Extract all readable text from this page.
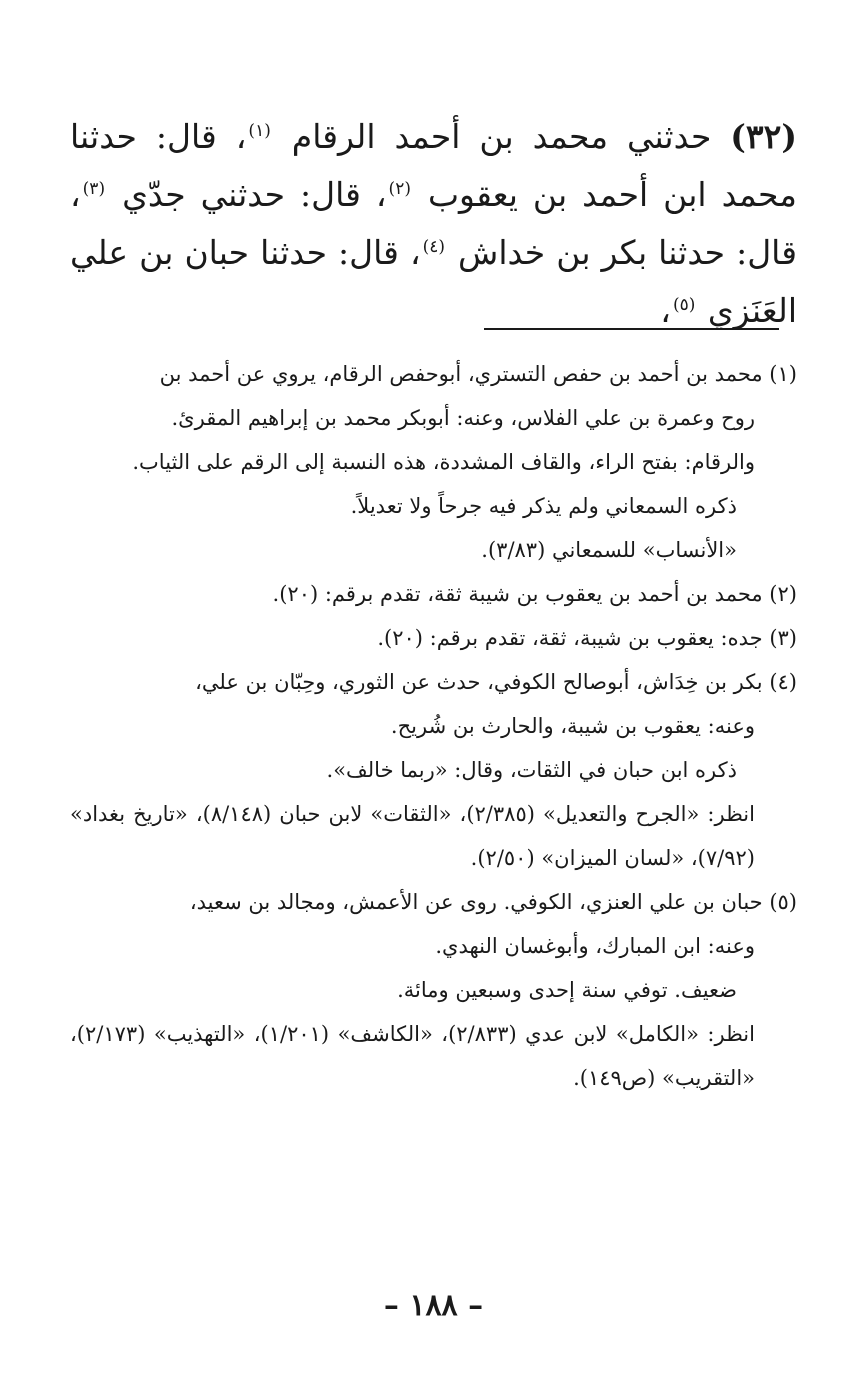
(٣٢) حدثني محمد بن أحمد الرقام $^{(١)}$، قال: حدثنا محمد ابن أحمد بن يعقوب $^{(٢)}$، قال: حدثني جدّي $^{(٣)}$، قال: حدثنا بكر بن خداش $^{(٤)}$، قال: حدثنا حبان بن علي العَنَزي $^{(٥)}$،

(١) محمد بن أحمد بن حفص التستري، أبوحفص الرقام، يروي عن أحمد بن

روح وعمرة بن علي الفلاس، وعنه: أبوبكر محمد بن إبراهيم المقرئ.

والرقام: بفتح الراء، والقاف المشددة، هذه النسبة إلى الرقم على الثياب.

ذكره السمعاني ولم يذكر فيه جرحاً ولا تعديلاً.

«الأنساب» للسمعاني (٣/٨٣).

(٢) محمد بن أحمد بن يعقوب بن شيبة ثقة، تقدم برقم: (٢٠).

(٣) جده: يعقوب بن شيبة، ثقة، تقدم برقم: (٢٠).

(٤) بكر بن خِدَاش، أبوصالح الكوفي، حدث عن الثوري، وحِبّان بن علي،

وعنه: يعقوب بن شيبة، والحارث بن شُريح.

ذكره ابن حبان في الثقات، وقال: «ربما خالف».

انظر: «الجرح والتعديل» (٢/٣٨٥)، «الثقات» لابن حبان (٨/١٤٨)، «تاريخ بغداد» (٧/٩٢)، «لسان الميزان» (٢/٥٠).

(٥) حبان بن علي العنزي، الكوفي. روى عن الأعمش، ومجالد بن سعيد،

وعنه: ابن المبارك، وأبوغسان النهدي.

ضعيف. توفي سنة إحدى وسبعين ومائة.

انظر: «الكامل» لابن عدي (٢/٨٣٣)، «الكاشف» (١/٢٠١)، «التهذيب» (٢/١٧٣)، «التقريب» (ص١٤٩).

– ١٨٨ –
